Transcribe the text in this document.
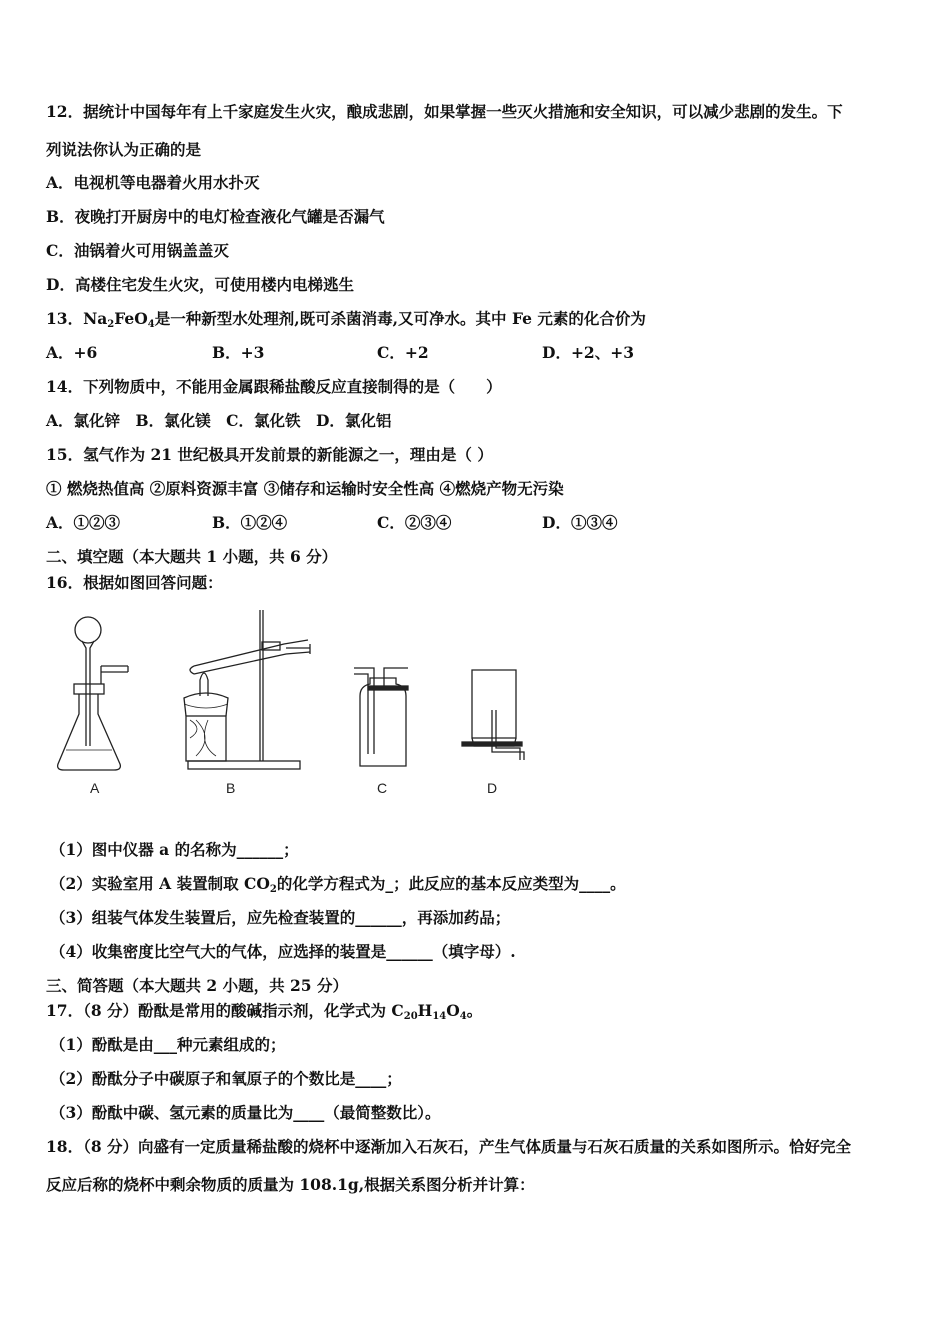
12．据统计中国每年有上千家庭发生火灾，酿成悲剧，如果掌握一些灭火措施和安全知识，可以减少悲剧的发生。下
列说法你认为正确的是
A．电视机等电器着火用水扑灭
B．夜晚打开厨房中的电灯检查液化气罐是否漏气
C．油锅着火可用锅盖盖灭
D．高楼住宅发生火灾，可使用楼内电梯逃生
13．$Na_2FeO_4$是一种新型水处理剂,既可杀菌消毒,又可净水。其中 Fe 元素的化合价为
A．+6	B．+3	C．+2	D．+2、+3
14．下列物质中，不能用金属跟稀盐酸反应直接制得的是（　　）
A．氯化锌　B．氯化镁　C．氯化铁　D．氯化铝
15．氢气作为 21 世纪极具开发前景的新能源之一，理由是（ ）
① 燃烧热值高 ②原料资源丰富 ③储存和运输时安全性高 ④燃烧产物无污染
A．①②③	B．①②④	C．②③④	D．①③④
二、填空题（本大题共 1 小题，共 6 分）
16．根据如图回答问题：
A	B	C	D
（1）图中仪器 a 的名称为______；
（2）实验室用 A 装置制取 $CO_2$的化学方程式为_；此反应的基本反应类型为____。
（3）组装气体发生装置后，应先检查装置的______，再添加药品；
（4）收集密度比空气大的气体，应选择的装置是______（填字母）.
三、简答题（本大题共 2 小题，共 25 分）
17．（8 分）酚酞是常用的酸碱指示剂，化学式为 $C_{20}H_{14}O_4$。
（1）酚酞是由___种元素组成的；
（2）酚酞分子中碳原子和氧原子的个数比是____；
（3）酚酞中碳、氢元素的质量比为____（最简整数比）。
18．（8 分）向盛有一定质量稀盐酸的烧杯中逐渐加入石灰石，产生气体质量与石灰石质量的关系如图所示。恰好完全
反应后称的烧杯中剩余物质的质量为 108.1g,根据关系图分析并计算：
